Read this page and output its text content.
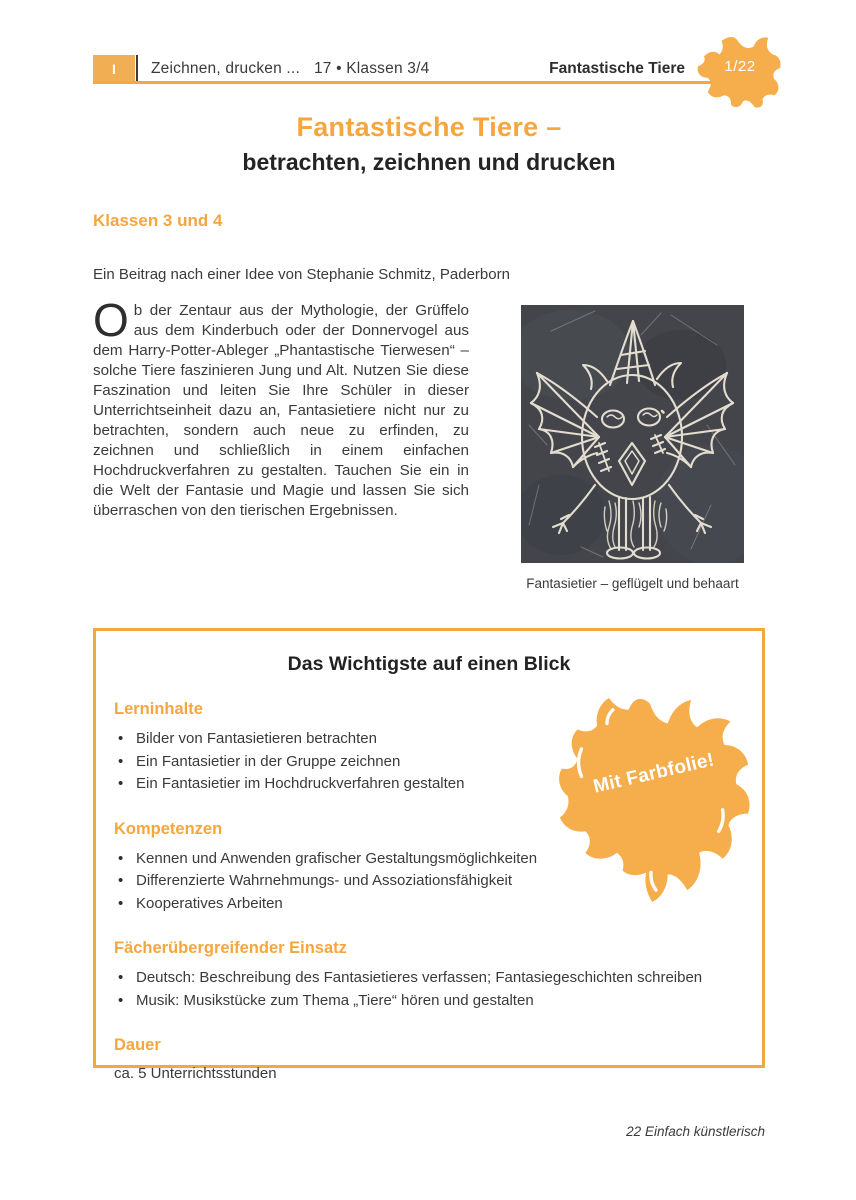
I Zeichnen, drucken ... 17 • Klassen 3/4	Fantastische Tiere	1/22
Fantastische Tiere –
betrachten, zeichnen und drucken
Klassen 3 und 4
Ein Beitrag nach einer Idee von Stephanie Schmitz, Paderborn
Ob der Zentaur aus der Mythologie, der Grüffelo aus dem Kinderbuch oder der Donnervogel aus dem Harry-Potter-Ableger „Phantastische Tierwesen“ – solche Tiere faszinieren Jung und Alt. Nutzen Sie diese Faszination und leiten Sie Ihre Schüler in dieser Unterrichtseinheit dazu an, Fantasietiere nicht nur zu betrachten, sondern auch neue zu erfinden, zu zeichnen und schließlich in einem einfachen Hochdruckverfahren zu gestalten. Tauchen Sie ein in die Welt der Fantasie und Magie und lassen Sie sich überraschen von den tierischen Ergebnissen.
Fantasietier – geflügelt und behaart
Das Wichtigste auf einen Blick
Lerninhalte
• Bilder von Fantasietieren betrachten
• Ein Fantasietier in der Gruppe zeichnen
• Ein Fantasietier im Hochdruckverfahren gestalten
Kompetenzen
• Kennen und Anwenden grafischer Gestaltungsmöglichkeiten
• Differenzierte Wahrnehmungs- und Assoziationsfähigkeit
• Kooperatives Arbeiten
Fächerübergreifender Einsatz
• Deutsch: Beschreibung des Fantasietieres verfassen; Fantasiegeschichten schreiben
• Musik: Musikstücke zum Thema „Tiere“ hören und gestalten
Dauer
ca. 5 Unterrichtsstunden
Mit Farbfolie!
22 Einfach künstlerisch
